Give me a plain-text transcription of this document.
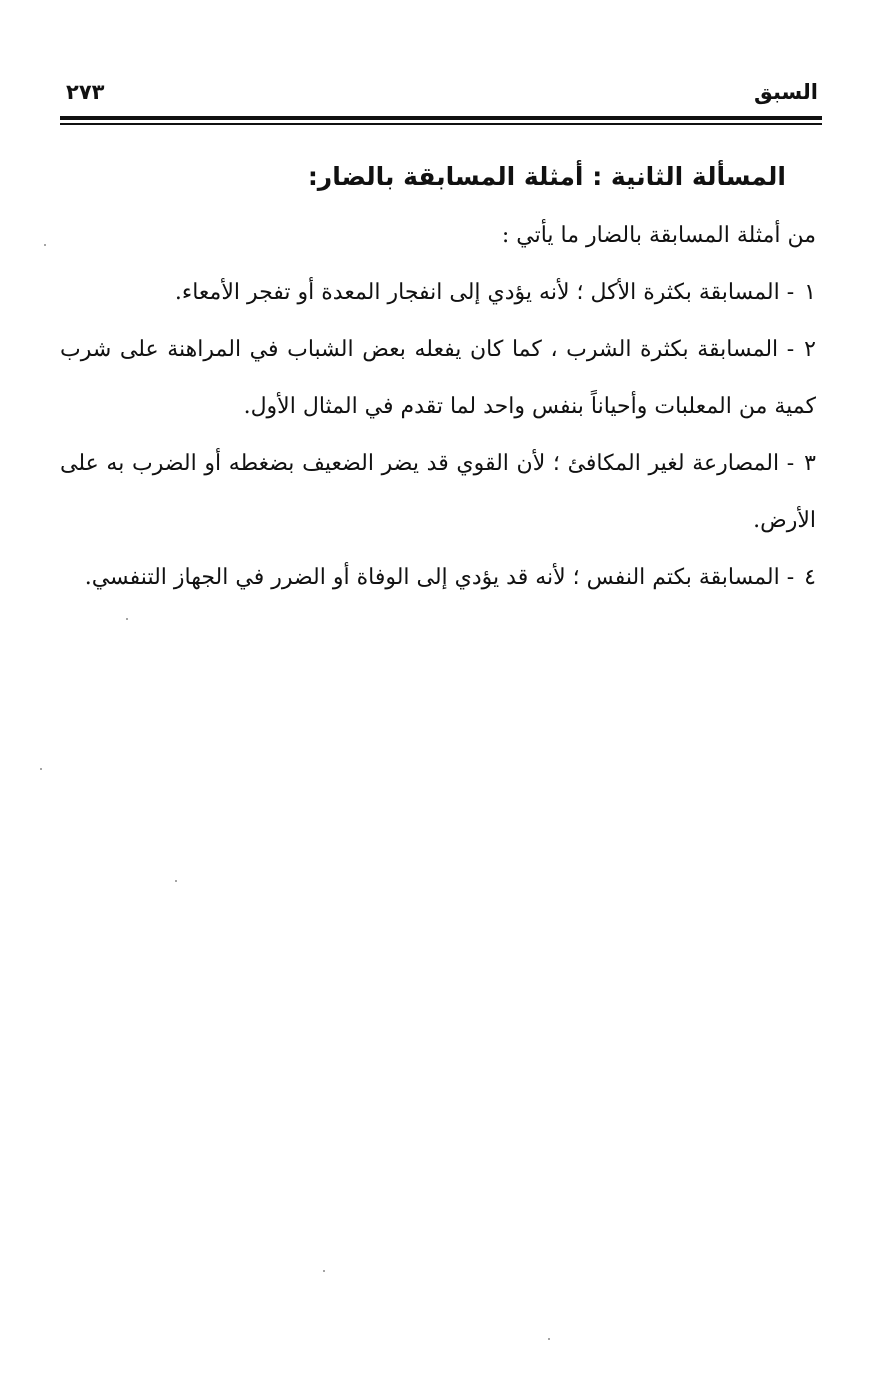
السبق
٢٧٣
المسألة الثانية : أمثلة المسابقة بالضار:

من أمثلة المسابقة بالضار ما يأتي :

١- المسابقة بكثرة الأكل ؛ لأنه يؤدي إلى انفجار المعدة أو تفجر الأمعاء.

٢- المسابقة بكثرة الشرب ، كما كان يفعله بعض الشباب في المراهنة على شرب كمية من المعلبات وأحياناً بنفس واحد لما تقدم في المثال الأول.

٣- المصارعة لغير المكافئ ؛ لأن القوي قد يضر الضعيف بضغطه أو الضرب به على الأرض.

٤- المسابقة بكتم النفس ؛ لأنه قد يؤدي إلى الوفاة أو الضرر في الجهاز التنفسي.
